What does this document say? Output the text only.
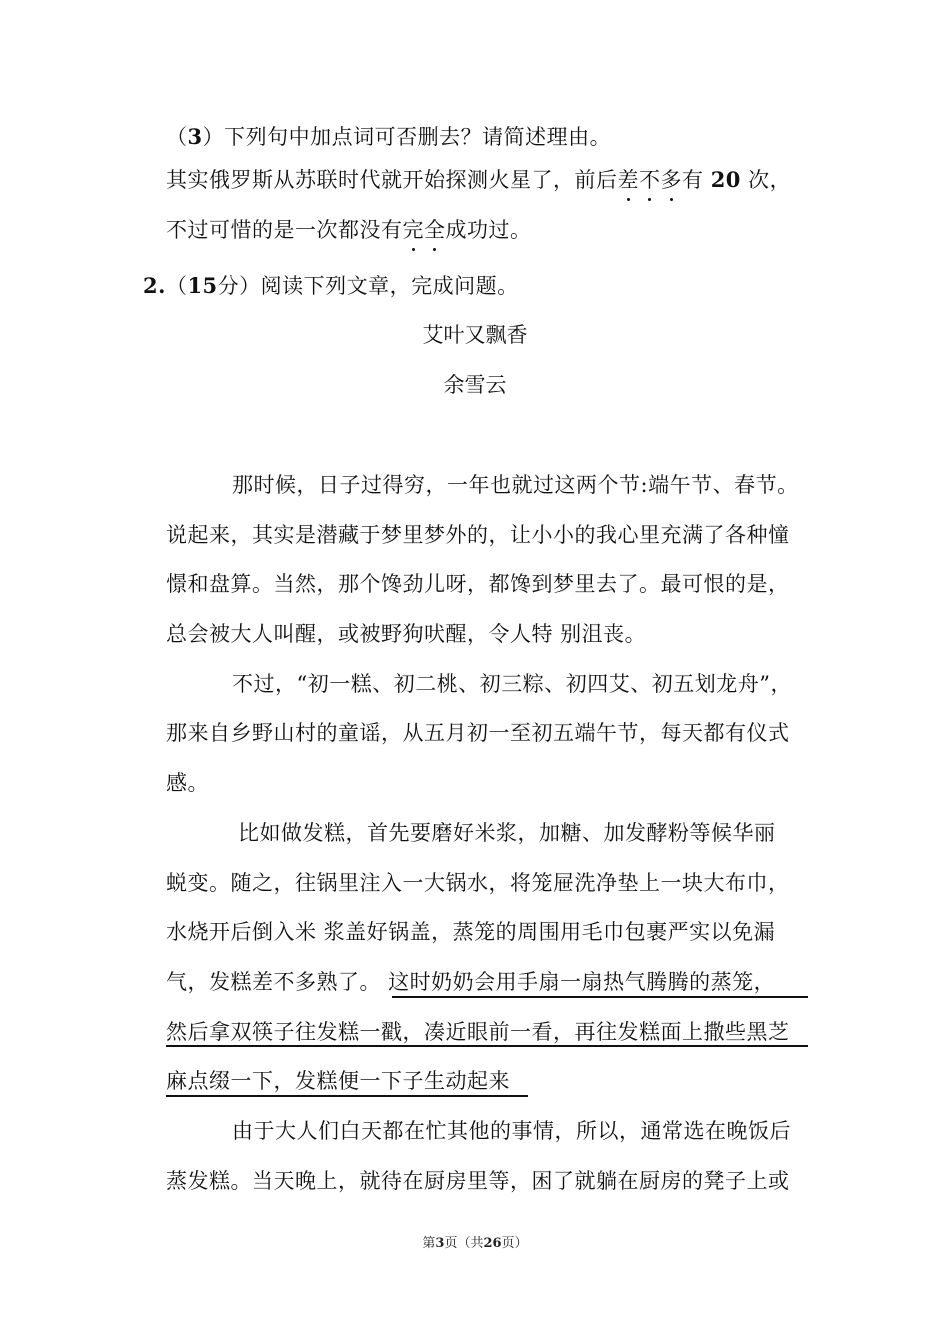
（3）下列句中加点词可否删去？请简述理由。
其实俄罗斯从苏联时代就开始探测火星了，前后差不多有 20 次，
不过可惜的是一次都没有完全成功过。
2.（15分）阅读下列文章，完成问题。
艾叶又飘香
余雪云
那时候，日子过得穷，一年也就过这两个节:端午节、春节。
说起来，其实是潜藏于梦里梦外的，让小小的我心里充满了各种憧
憬和盘算。当然，那个馋劲儿呀，都馋到梦里去了。最可恨的是，
总会被大人叫醒，或被野狗吠醒，令人特 别沮丧。
不过，“初一糕、初二桃、初三粽、初四艾、初五划龙舟”，
那来自乡野山村的童谣，从五月初一至初五端午节，每天都有仪式
感。
比如做发糕，首先要磨好米浆，加糖、加发酵粉等候华丽
蜕变。随之，往锅里注入一大锅水，将笼屉洗净垫上一块大布巾，
水烧开后倒入米 浆盖好锅盖，蒸笼的周围用毛巾包裹严实以免漏
气，发糕差不多熟了。 这时奶奶会用手扇一扇热气腾腾的蒸笼，
然后拿双筷子往发糕一戳，凑近眼前一看，再往发糕面上撒些黑芝
麻点缀一下，发糕便一下子生动起来
由于大人们白天都在忙其他的事情，所以，通常选在晚饭后
蒸发糕。当天晚上，就待在厨房里等，困了就躺在厨房的凳子上或
第3页（共26页）
